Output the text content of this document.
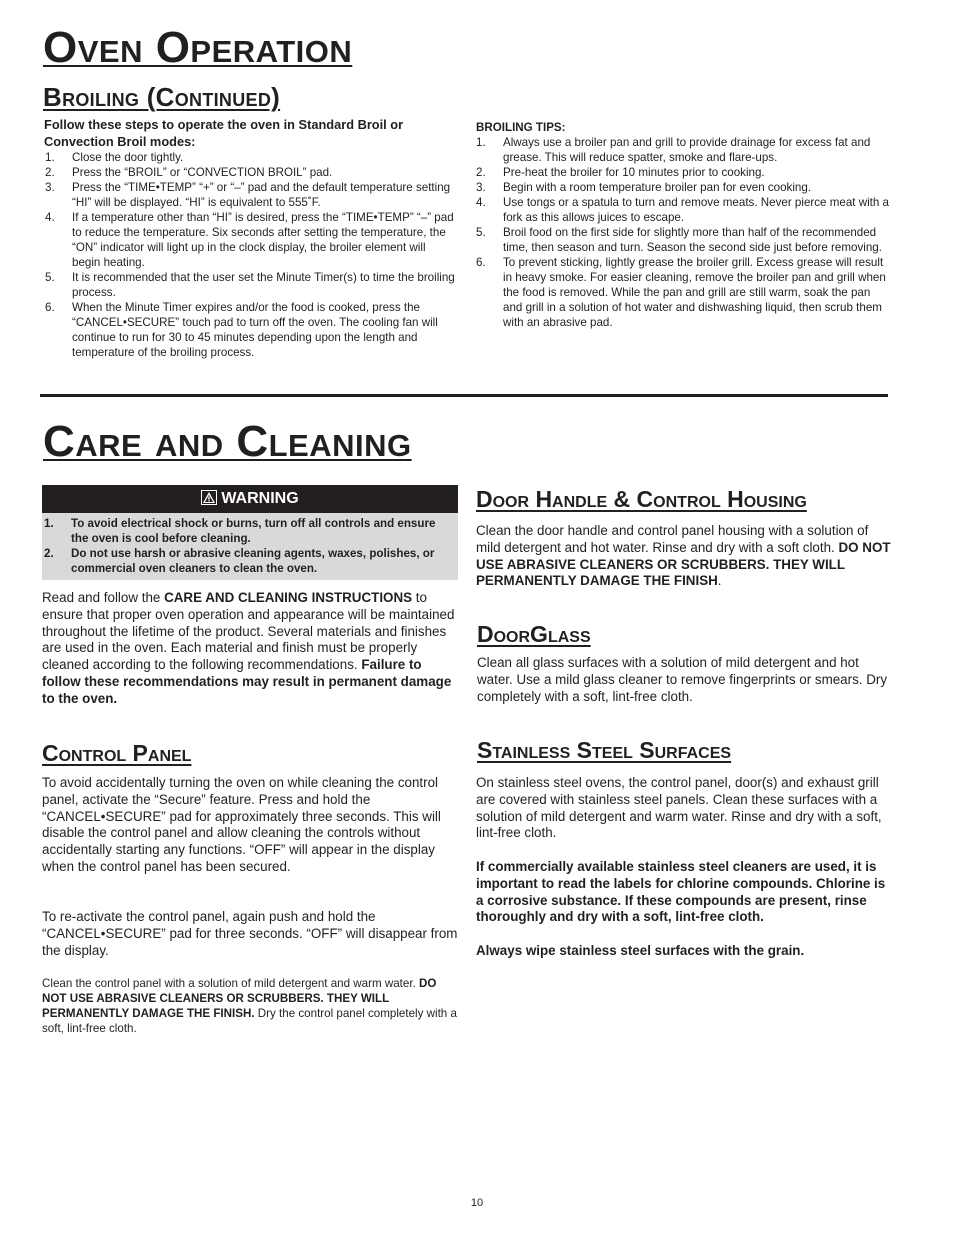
Oven Operation
Broiling (Continued)
Follow these steps to operate the oven in Standard Broil or Convection Broil modes:
1. Close the door tightly.
2. Press the “BROIL” or “CONVECTION BROIL” pad.
3. Press the “TIME•TEMP” “+” or “–” pad and the default temperature setting “HI” will be displayed. “HI” is equivalent to 555˚F.
4. If a temperature other than “HI” is desired, press the “TIME•TEMP” “–” pad to reduce the temperature. Six seconds after setting the temperature, the “ON” indicator will light up in the clock display, the broiler element will begin heating.
5. It is recommended that the user set the Minute Timer(s) to time the broiling process.
6. When the Minute Timer expires and/or the food is cooked, press the “CANCEL•SECURE” touch pad to turn off the oven. The cooling fan will continue to run for 30 to 45 minutes depending upon the length and temperature of the broiling process.
BROILING TIPS:
1. Always use a broiler pan and grill to provide drainage for excess fat and grease. This will reduce spatter, smoke and flare-ups.
2. Pre-heat the broiler for 10 minutes prior to cooking.
3. Begin with a room temperature broiler pan for even cooking.
4. Use tongs or a spatula to turn and remove meats. Never pierce meat with a fork as this allows juices to escape.
5. Broil food on the first side for slightly more than half of the recommended time, then season and turn. Season the second side just before removing.
6. To prevent sticking, lightly grease the broiler grill. Excess grease will result in heavy smoke. For easier cleaning, remove the broiler pan and grill when the food is removed. While the pan and grill are still warm, soak the pan and grill in a solution of hot water and dishwashing liquid, then scrub them with an abrasive pad.
Care and Cleaning
WARNING
1. To avoid electrical shock or burns, turn off all controls and ensure the oven is cool before cleaning.
2. Do not use harsh or abrasive cleaning agents, waxes, polishes, or commercial oven cleaners to clean the oven.
Read and follow the CARE AND CLEANING INSTRUCTIONS to ensure that proper oven operation and appearance will be maintained throughout the lifetime of the product. Several materials and finishes are used in the oven. Each material and finish must be properly cleaned according to the following recommendations. Failure to follow these recommendations may result in permanent damage to the oven.
Control Panel
To avoid accidentally turning the oven on while cleaning the control panel, activate the “Secure” feature. Press and hold the “CANCEL•SECURE” pad for approximately three seconds. This will disable the control panel and allow cleaning the controls without accidentally starting any functions. “OFF” will appear in the display when the control panel has been secured.
To re-activate the control panel, again push and hold the “CANCEL•SECURE” pad for three seconds. “OFF” will disappear from the display.
Clean the control panel with a solution of mild detergent and warm water. DO NOT USE ABRASIVE CLEANERS OR SCRUBBERS. THEY WILL PERMANENTLY DAMAGE THE FINISH. Dry the control panel completely with a soft, lint-free cloth.
Door Handle & Control Housing
Clean the door handle and control panel housing with a solution of mild detergent and hot water. Rinse and dry with a soft cloth. DO NOT USE ABRASIVE CLEANERS OR SCRUBBERS. THEY WILL PERMANENTLY DAMAGE THE FINISH.
DoorGlass
Clean all glass surfaces with a solution of mild detergent and hot water. Use a mild glass cleaner to remove fingerprints or smears. Dry completely with a soft, lint-free cloth.
Stainless Steel Surfaces
On stainless steel ovens, the control panel, door(s) and exhaust grill are covered with stainless steel panels. Clean these surfaces with a solution of mild detergent and warm water. Rinse and dry with a soft, lint-free cloth.
If commercially available stainless steel cleaners are used, it is important to read the labels for chlorine compounds. Chlorine is a corrosive substance. If these compounds are present, rinse thoroughly and dry with a soft, lint-free cloth.
Always wipe stainless steel surfaces with the grain.
10
